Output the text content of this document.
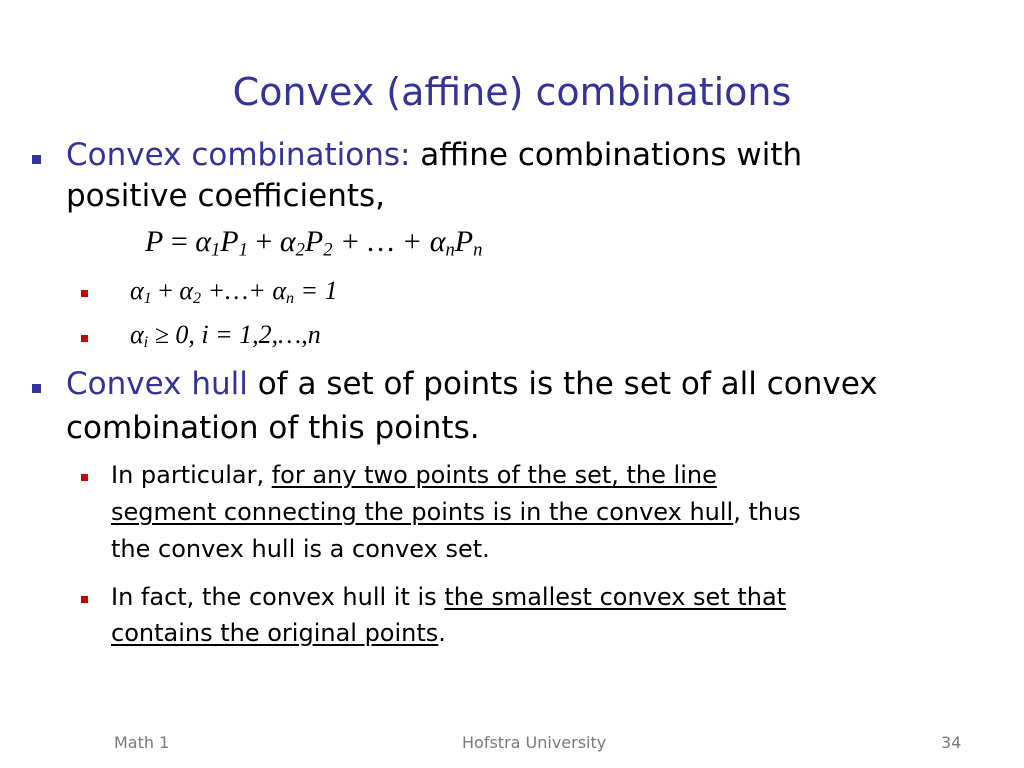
Convex (affine) combinations
Convex combinations: affine combinations with
positive coefficients,
$P = \alpha_1P_1 + \alpha_2P_2$ + … + $\alpha_nP_n$
$\alpha_1 + \alpha_2$ +…+ $\alpha_n = 1$
$\alpha_i \ge 0$, i = 1,2,…,n
Convex hull of a set of points is the set of all convex
combination of this points.
In particular, for any two points of the set, the line
segment connecting the points is in the convex hull, thus
the convex hull is a convex set.
In fact, the convex hull it is the smallest convex set that
contains the original points.
Math 1	Hofstra University	34
